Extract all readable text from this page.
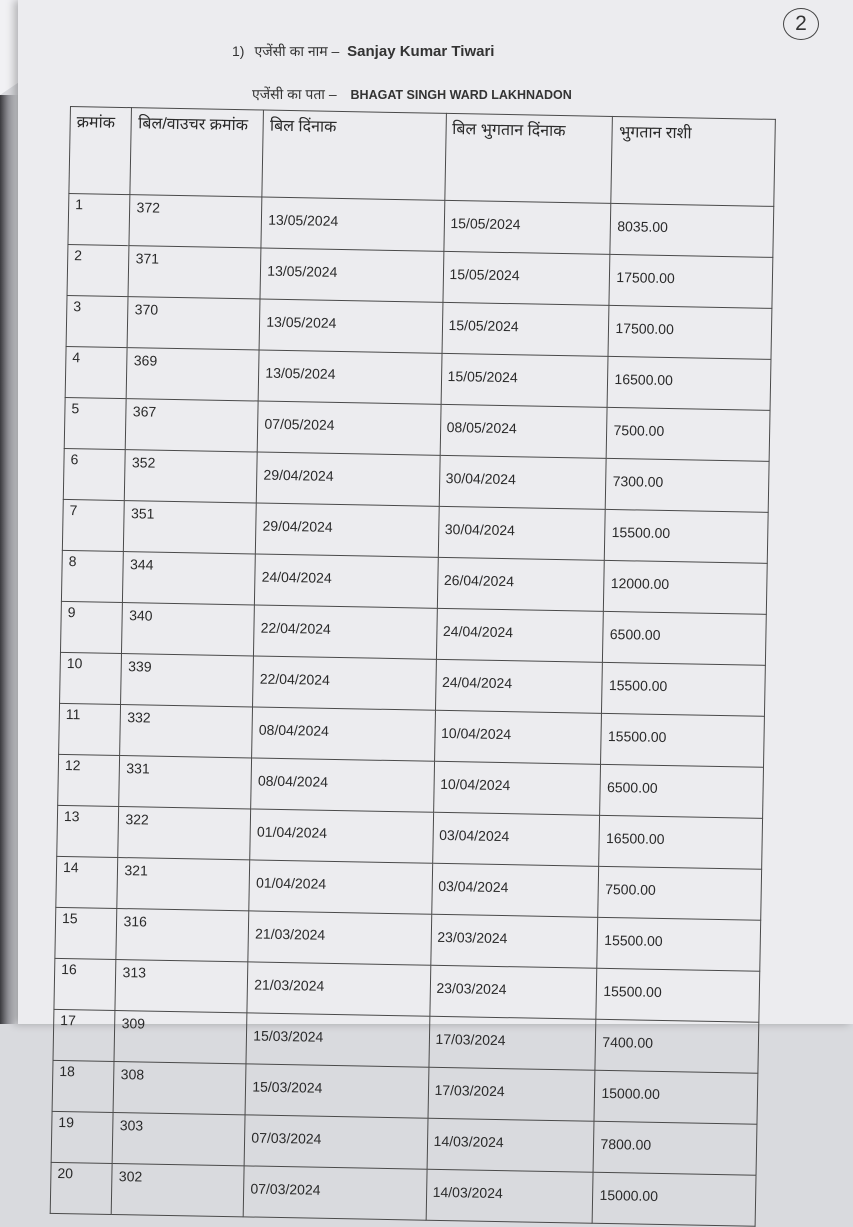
2
1) एजेंसी का नाम – Sanjay Kumar Tiwari
एजेंसी का पता – BHAGAT SINGH WARD LAKHNADON
क्रमांक	बिल/वाउचर क्रमांक	बिल दिंनाक	बिल भुगतान दिंनाक	भुगतान राशी
1	372	13/05/2024	15/05/2024	8035.00
2	371	13/05/2024	15/05/2024	17500.00
3	370	13/05/2024	15/05/2024	17500.00
4	369	13/05/2024	15/05/2024	16500.00
5	367	07/05/2024	08/05/2024	7500.00
6	352	29/04/2024	30/04/2024	7300.00
7	351	29/04/2024	30/04/2024	15500.00
8	344	24/04/2024	26/04/2024	12000.00
9	340	22/04/2024	24/04/2024	6500.00
10	339	22/04/2024	24/04/2024	15500.00
11	332	08/04/2024	10/04/2024	15500.00
12	331	08/04/2024	10/04/2024	6500.00
13	322	01/04/2024	03/04/2024	16500.00
14	321	01/04/2024	03/04/2024	7500.00
15	316	21/03/2024	23/03/2024	15500.00
16	313	21/03/2024	23/03/2024	15500.00
17	309	15/03/2024	17/03/2024	7400.00
18	308	15/03/2024	17/03/2024	15000.00
19	303	07/03/2024	14/03/2024	7800.00
20	302	07/03/2024	14/03/2024	15000.00
